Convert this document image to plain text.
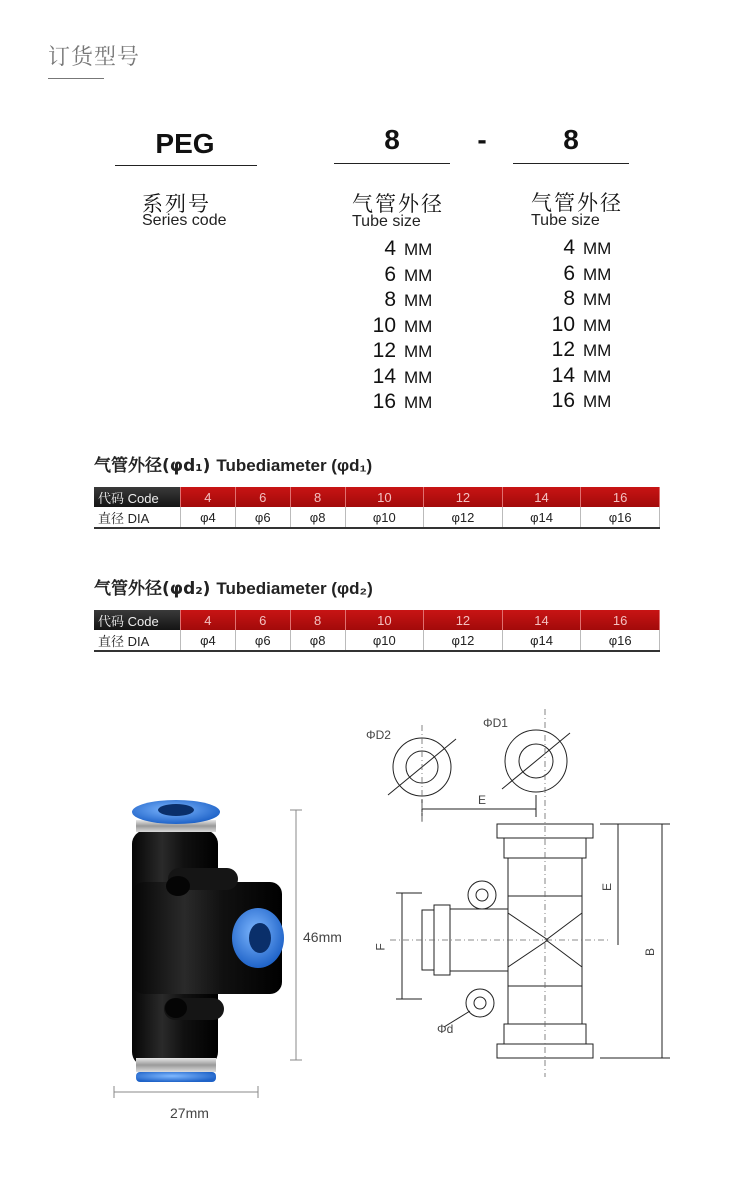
订货型号
PEG	8	-	8
系列号
Series code
气管外径
Tube size
气管外径
Tube size
4 MM
6 MM
8 MM
10 MM
12 MM
14 MM
16 MM
4 MM
6 MM
8 MM
10 MM
12 MM
14 MM
16 MM
气管外径(φd₁) Tubediameter (φd₁)
代码 Code	4	6	8	10	12	14	16
直径 DIA	φ4	φ6	φ8	φ10	φ12	φ14	φ16
气管外径(φd₂) Tubediameter (φd₂)
代码 Code	4	6	8	10	12	14	16
直径 DIA	φ4	φ6	φ8	φ10	φ12	φ14	φ16
46mm
27mm
ΦD2
ΦD1
E
E
F
B
Φd
